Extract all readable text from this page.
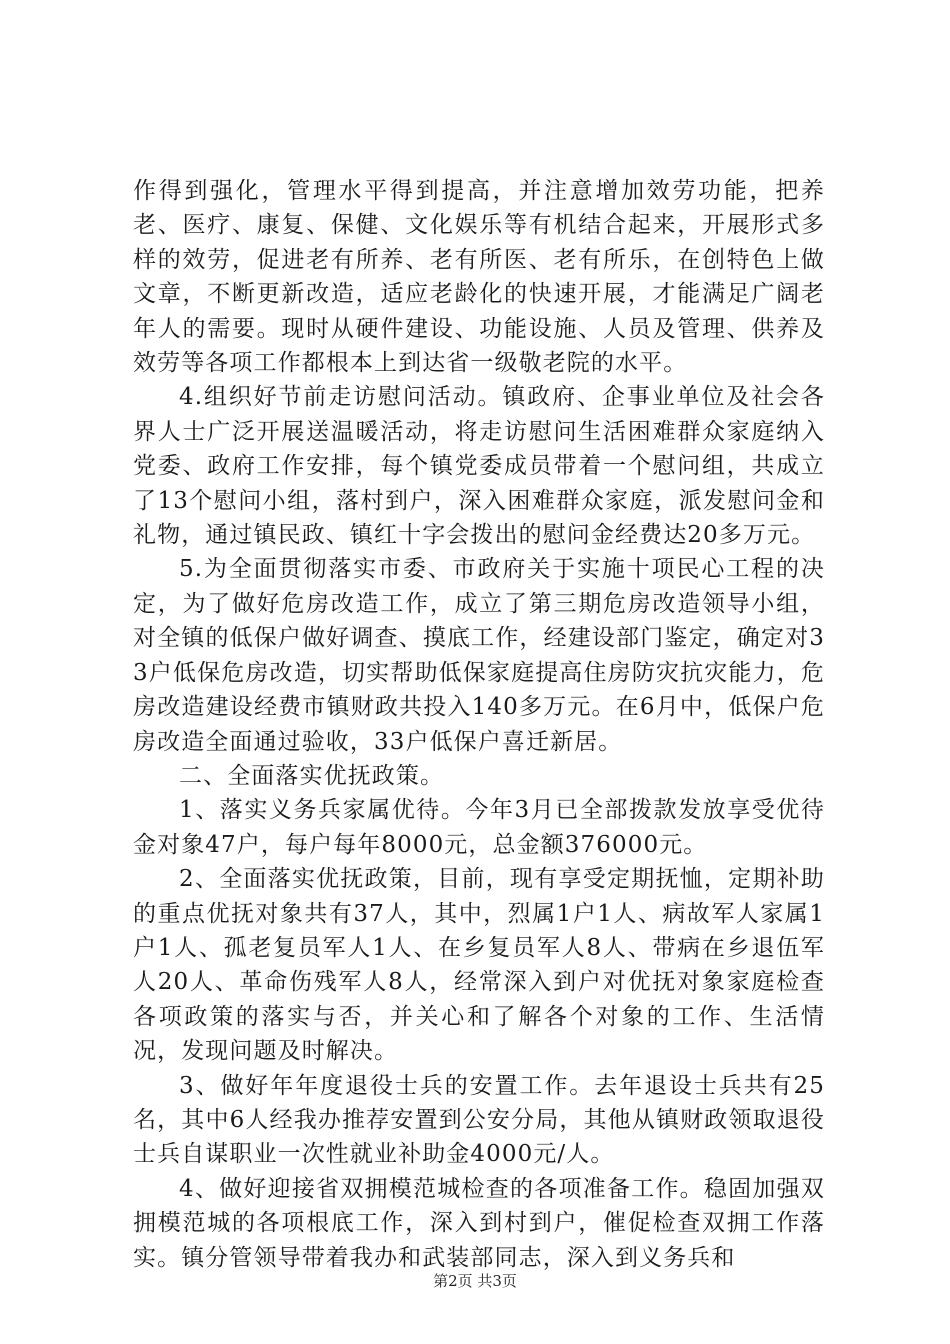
作得到强化，管理水平得到提高，并注意增加效劳功能，把养老、医疗、康复、保健、文化娱乐等有机结合起来，开展形式多样的效劳，促进老有所养、老有所医、老有所乐，在创特色上做文章，不断更新改造，适应老龄化的快速开展，才能满足广阔老年人的需要。现时从硬件建设、功能设施、人员及管理、供养及效劳等各项工作都根本上到达省一级敬老院的水平。

4.组织好节前走访慰问活动。镇政府、企事业单位及社会各界人士广泛开展送温暖活动，将走访慰问生活困难群众家庭纳入党委、政府工作安排，每个镇党委成员带着一个慰问组，共成立了13个慰问小组，落村到户，深入困难群众家庭，派发慰问金和礼物，通过镇民政、镇红十字会拨出的慰问金经费达20多万元。

5.为全面贯彻落实市委、市政府关于实施十项民心工程的决定，为了做好危房改造工作，成立了第三期危房改造领导小组，对全镇的低保户做好调查、摸底工作，经建设部门鉴定，确定对33户低保危房改造，切实帮助低保家庭提高住房防灾抗灾能力，危房改造建设经费市镇财政共投入140多万元。在6月中，低保户危房改造全面通过验收，33户低保户喜迁新居。

二、全面落实优抚政策。

1、落实义务兵家属优待。今年3月已全部拨款发放享受优待金对象47户，每户每年8000元，总金额376000元。

2、全面落实优抚政策，目前，现有享受定期抚恤，定期补助的重点优抚对象共有37人，其中，烈属1户1人、病故军人家属1户1人、孤老复员军人1人、在乡复员军人8人、带病在乡退伍军人20人、革命伤残军人8人，经常深入到户对优抚对象家庭检查各项政策的落实与否，并关心和了解各个对象的工作、生活情况，发现问题及时解决。

3、做好年年度退役士兵的安置工作。去年退设士兵共有25名，其中6人经我办推荐安置到公安分局，其他从镇财政领取退役士兵自谋职业一次性就业补助金4000元/人。

4、做好迎接省双拥模范城检查的各项准备工作。稳固加强双拥模范城的各项根底工作，深入到村到户，催促检查双拥工作落实。镇分管领导带着我办和武装部同志，深入到义务兵和

第2页 共3页
